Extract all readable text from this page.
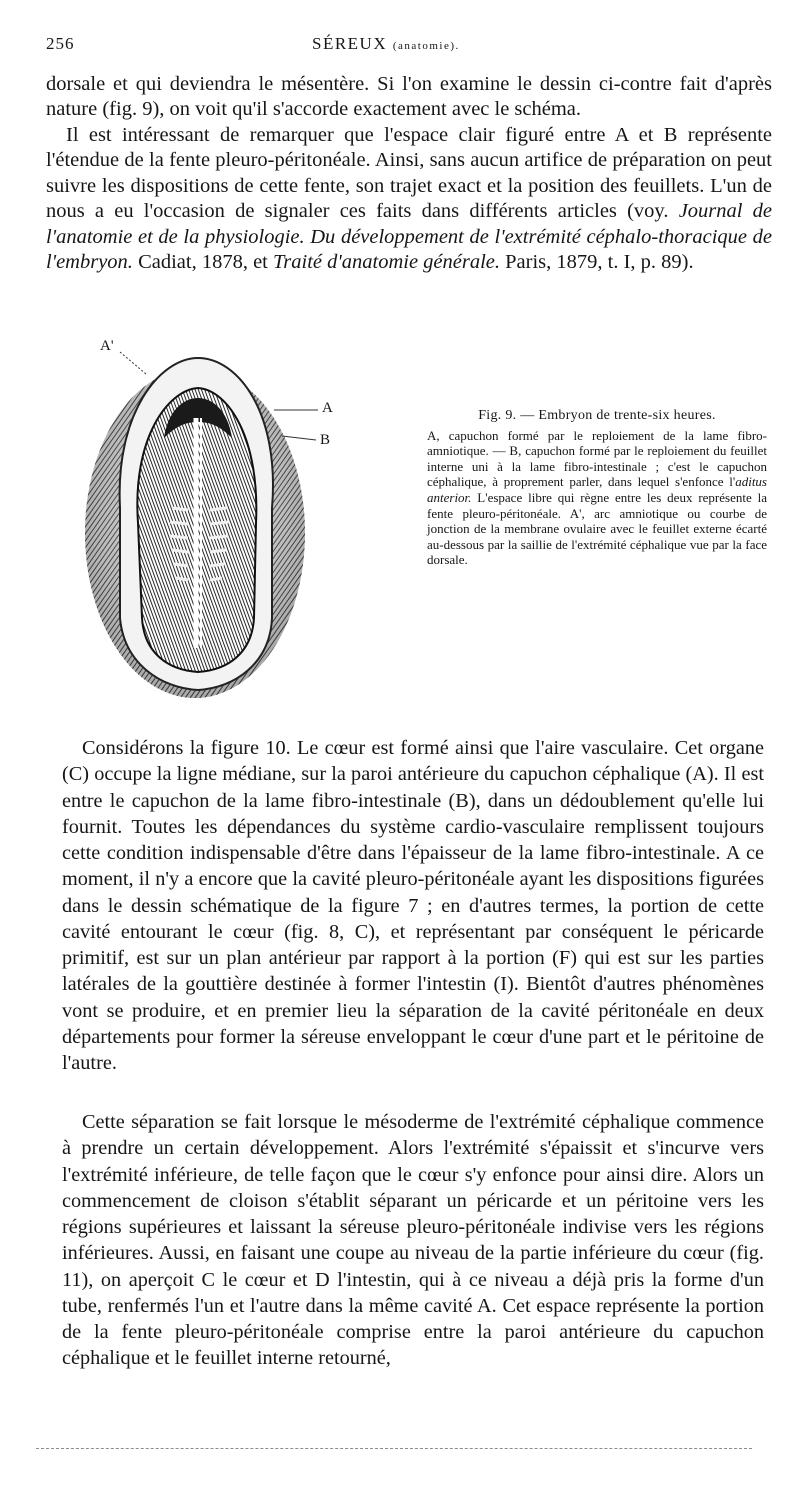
256	SÉREUX (anatomie).

dorsale et qui deviendra le mésentère. Si l'on examine le dessin ci-contre fait d'après nature (fig. 9), on voit qu'il s'accorde exactement avec le schéma.

Il est intéressant de remarquer que l'espace clair figuré entre A et B représente l'étendue de la fente pleuro-péritonéale. Ainsi, sans aucun artifice de préparation on peut suivre les dispositions de cette fente, son trajet exact et la position des feuillets. L'un de nous a eu l'occasion de signaler ces faits dans différents articles (voy. Journal de l'anatomie et de la physiologie. Du développement de l'extrémité céphalo-thoracique de l'embryon. Cadiat, 1878, et Traité d'anatomie générale. Paris, 1879, t. I, p. 89).

A'
A
B

Fig. 9. — Embryon de trente-six heures.

A, capuchon formé par le reploiement de la lame fibro-amniotique. — B, capuchon formé par le reploiement du feuillet interne uni à la lame fibro-intestinale ; c'est le capuchon céphalique, à proprement parler, dans lequel s'enfonce l'aditus anterior. L'espace libre qui règne entre les deux représente la fente pleuro-péritonéale. A', arc amniotique ou courbe de jonction de la membrane ovulaire avec le feuillet externe écarté au-dessous par la saillie de l'extrémité céphalique vue par la face dorsale.

Considérons la figure 10. Le cœur est formé ainsi que l'aire vasculaire. Cet organe (C) occupe la ligne médiane, sur la paroi antérieure du capuchon céphalique (A). Il est entre le capuchon de la lame fibro-intestinale (B), dans un dédoublement qu'elle lui fournit. Toutes les dépendances du système cardio-vasculaire remplissent toujours cette condition indispensable d'être dans l'épaisseur de la lame fibro-intestinale. A ce moment, il n'y a encore que la cavité pleuro-péritonéale ayant les dispositions figurées dans le dessin schématique de la figure 7 ; en d'autres termes, la portion de cette cavité entourant le cœur (fig. 8, C), et représentant par conséquent le péricarde primitif, est sur un plan antérieur par rapport à la portion (F) qui est sur les parties latérales de la gouttière destinée à former l'intestin (I). Bientôt d'autres phénomènes vont se produire, et en premier lieu la séparation de la cavité péritonéale en deux départements pour former la séreuse enveloppant le cœur d'une part et le péritoine de l'autre.

Cette séparation se fait lorsque le mésoderme de l'extrémité céphalique commence à prendre un certain développement. Alors l'extrémité s'épaissit et s'incurve vers l'extrémité inférieure, de telle façon que le cœur s'y enfonce pour ainsi dire. Alors un commencement de cloison s'établit séparant un péricarde et un péritoine vers les régions supérieures et laissant la séreuse pleuro-péritonéale indivise vers les régions inférieures. Aussi, en faisant une coupe au niveau de la partie inférieure du cœur (fig. 11), on aperçoit C le cœur et D l'intestin, qui à ce niveau a déjà pris la forme d'un tube, renfermés l'un et l'autre dans la même cavité A. Cet espace représente la portion de la fente pleuro-péritonéale comprise entre la paroi antérieure du capuchon céphalique et le feuillet interne retourné,
